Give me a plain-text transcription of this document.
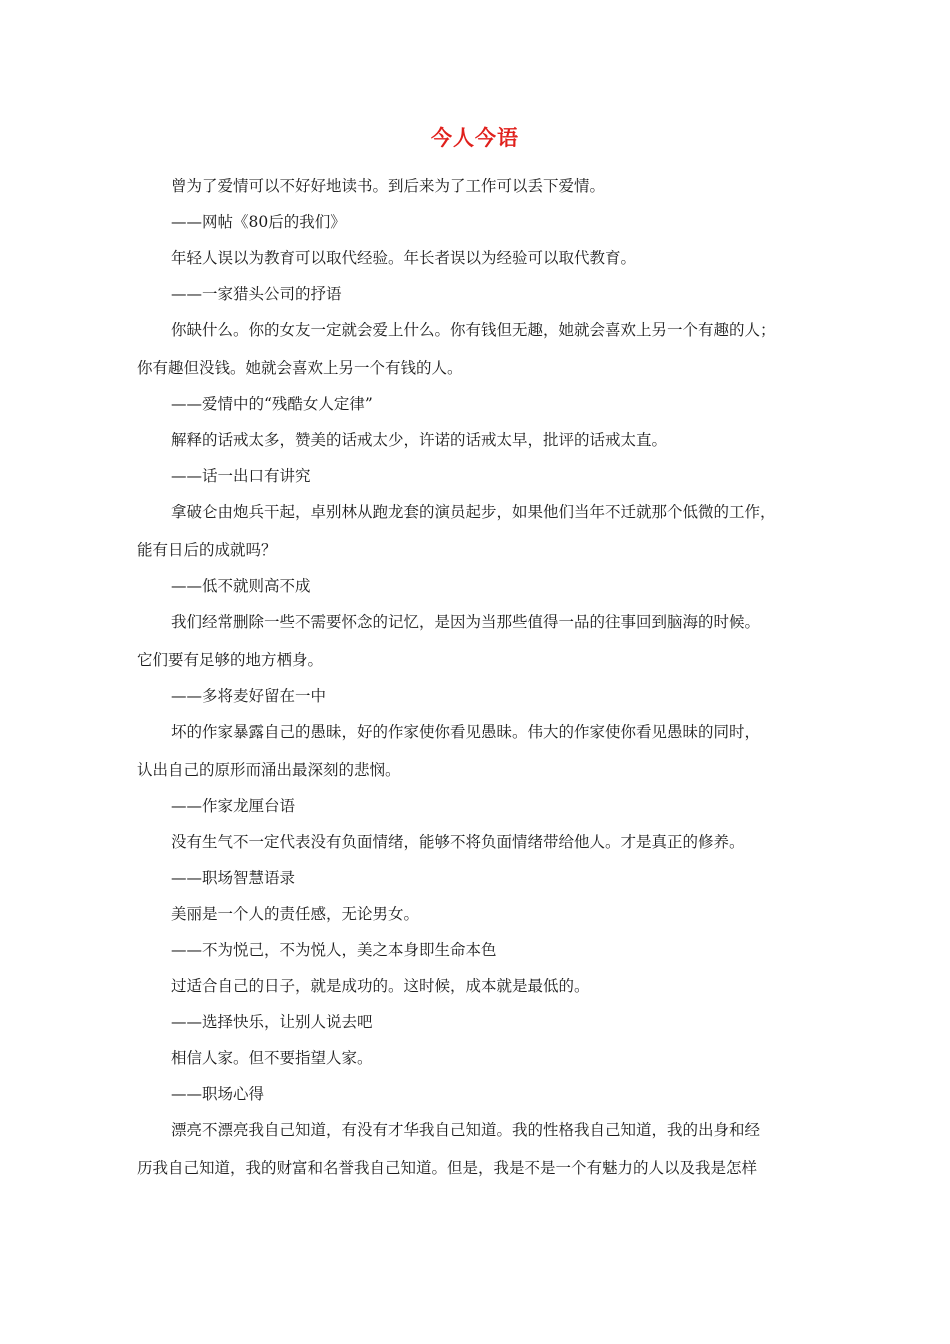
今人今语
曾为了爱情可以不好好地读书。到后来为了工作可以丢下爱情。
——网帖《80后的我们》
年轻人误以为教育可以取代经验。年长者误以为经验可以取代教育。
——一家猎头公司的抒语
你缺什么。你的女友一定就会爱上什么。你有钱但无趣，她就会喜欢上另一个有趣的人；
你有趣但没钱。她就会喜欢上另一个有钱的人。
——爱情中的“残酷女人定律”
解释的话戒太多，赞美的话戒太少，许诺的话戒太早，批评的话戒太直。
——话一出口有讲究
拿破仑由炮兵干起，卓别林从跑龙套的演员起步，如果他们当年不迁就那个低微的工作，
能有日后的成就吗？
——低不就则高不成
我们经常删除一些不需要怀念的记忆，是因为当那些值得一品的往事回到脑海的时候。
它们要有足够的地方栖身。
——多将麦好留在一中
坏的作家暴露自己的愚昧，好的作家使你看见愚昧。伟大的作家使你看见愚昧的同时，
认出自己的原形而涌出最深刻的悲悯。
——作家龙厘台语
没有生气不一定代表没有负面情绪，能够不将负面情绪带给他人。才是真正的修养。
——职场智慧语录
美丽是一个人的责任感，无论男女。
——不为悦己，不为悦人，美之本身即生命本色
过适合自己的日子，就是成功的。这时候，成本就是最低的。
——选择快乐，让别人说去吧
相信人家。但不要指望人家。
——职场心得
漂亮不漂亮我自己知道，有没有才华我自己知道。我的性格我自己知道，我的出身和经
历我自己知道，我的财富和名誉我自己知道。但是，我是不是一个有魅力的人以及我是怎样
